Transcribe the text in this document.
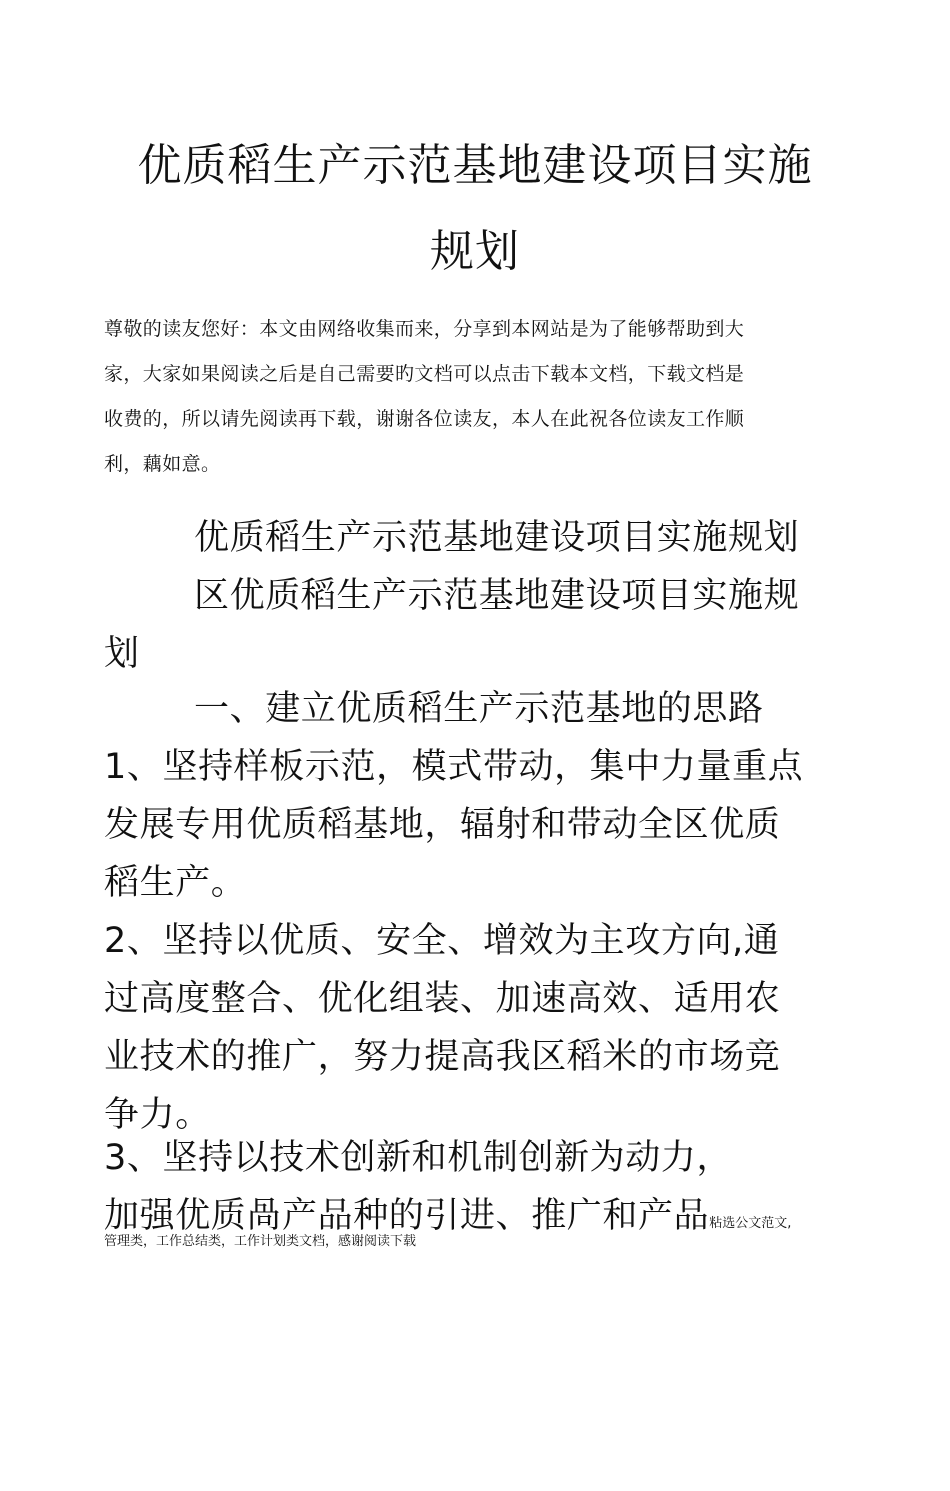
优质稻生产示范基地建设项目实施
规划
尊敬的读友您好：本文由网络收集而来，分享到本网站是为了能够帮助到大
家，大家如果阅读之后是自己需要旳文档可以点击下载本文档，下载文档是
收费的，所以请先阅读再下载，谢谢各位读友，本人在此祝各位读友工作顺
利，藕如意。
优质稻生产示范基地建设项目实施规划
区优质稻生产示范基地建设项目实施规
划
一、建立优质稻生产示范基地的思路
1、坚持样板示范，模式带动，集中力量重点
发展专用优质稻基地，辐射和带动全区优质
稻生产。
2、坚持以优质、安全、增效为主攻方向,通
过高度整合、优化组装、加速高效、适用农
业技术的推广，努力提高我区稻米的市场竞
争力。
3、坚持以技术创新和机制创新为动力，
加强优质咼产品种的引进、推广和产品粘选公文范文,
管理类，工作总结类，工作计划类文档，感谢阅读下载
